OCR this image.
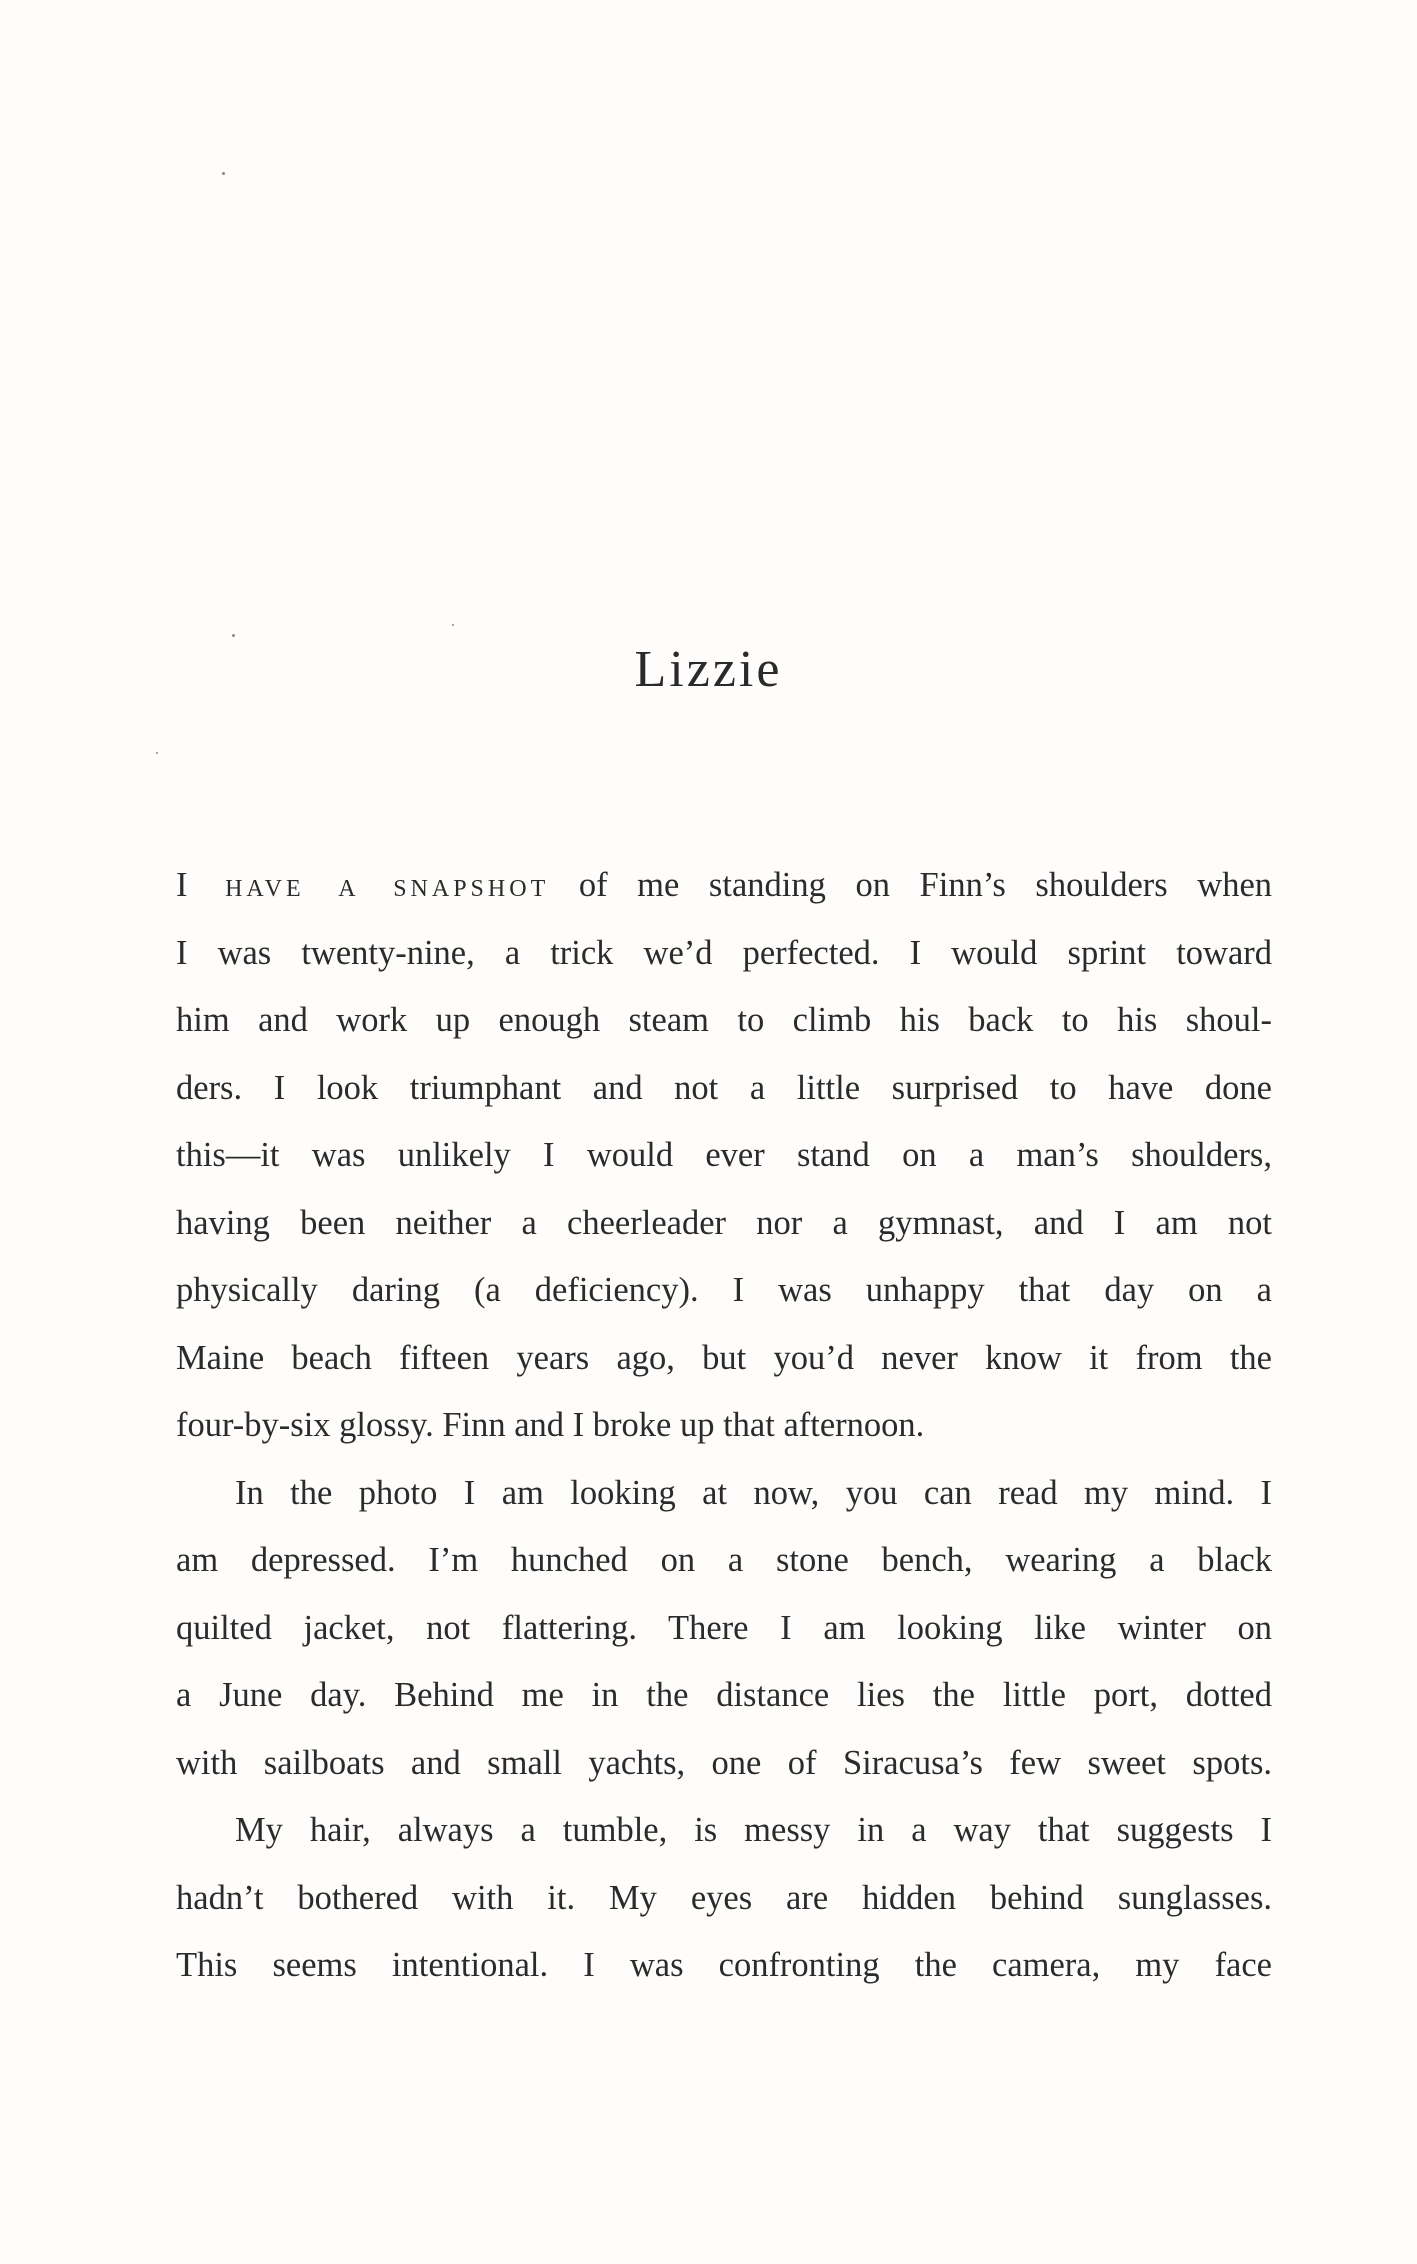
Lizzie
I have a snapshot of me standing on Finn’s shoulders when
I was twenty-nine, a trick we’d perfected. I would sprint toward
him and work up enough steam to climb his back to his shoul-
ders. I look triumphant and not a little surprised to have done
this—it was unlikely I would ever stand on a man’s shoulders,
having been neither a cheerleader nor a gymnast, and I am not
physically daring (a deficiency). I was unhappy that day on a
Maine beach fifteen years ago, but you’d never know it from the
four-by-six glossy. Finn and I broke up that afternoon.
In the photo I am looking at now, you can read my mind. I
am depressed. I’m hunched on a stone bench, wearing a black
quilted jacket, not flattering. There I am looking like winter on
a June day. Behind me in the distance lies the little port, dotted
with sailboats and small yachts, one of Siracusa’s few sweet spots.
My hair, always a tumble, is messy in a way that suggests I
hadn’t bothered with it. My eyes are hidden behind sunglasses.
This seems intentional. I was confronting the camera, my face
